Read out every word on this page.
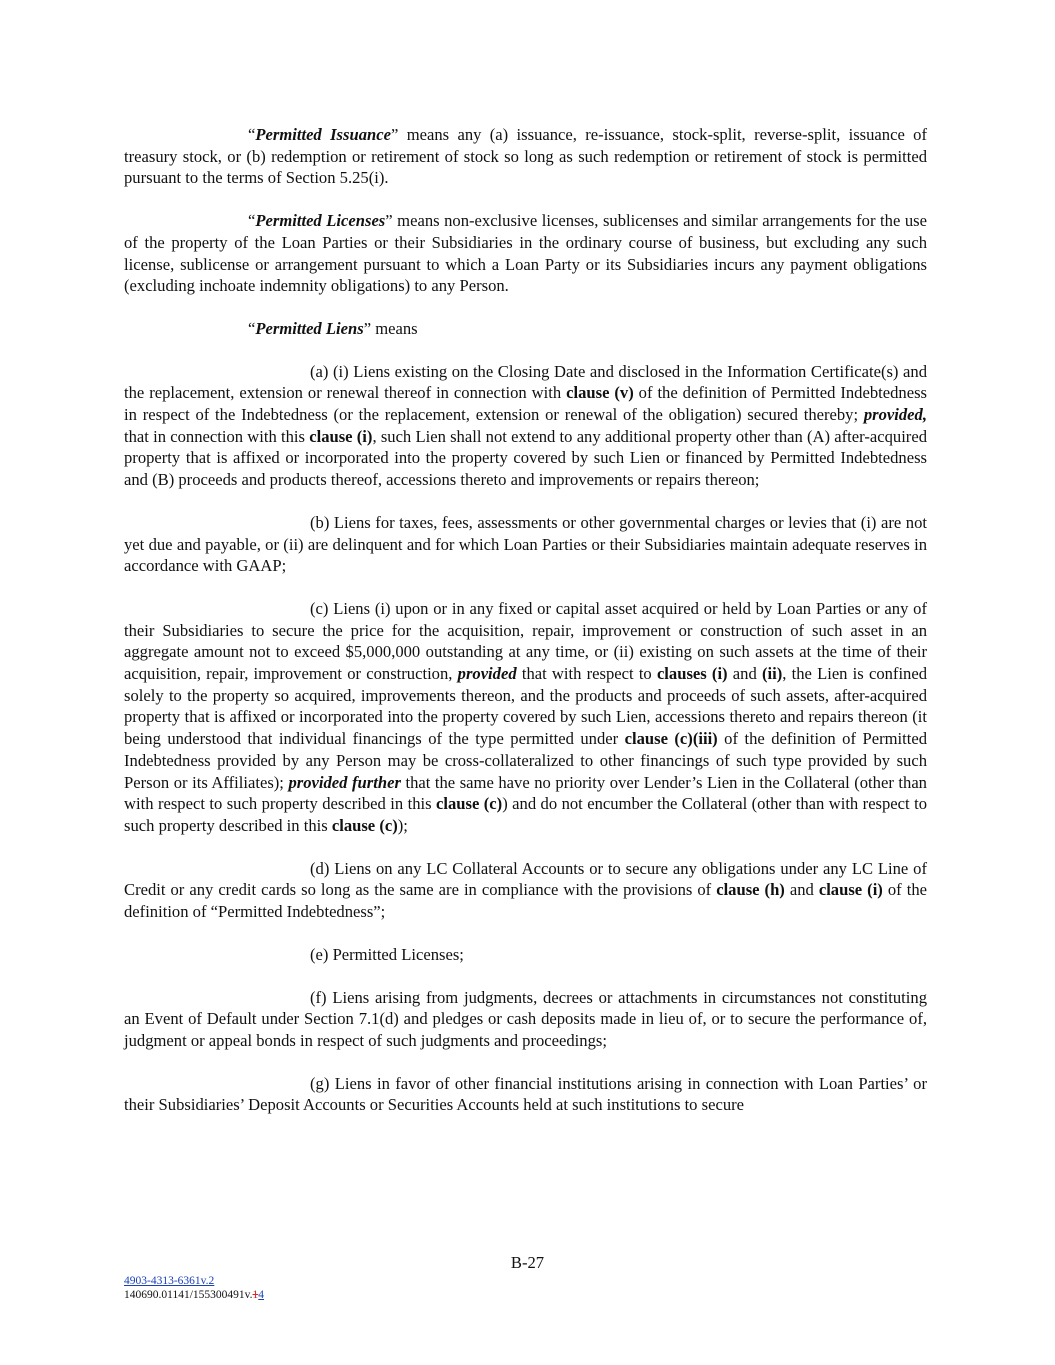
“Permitted Issuance” means any (a) issuance, re-issuance, stock-split, reverse-split, issuance of treasury stock, or (b) redemption or retirement of stock so long as such redemption or retirement of stock is permitted pursuant to the terms of Section 5.25(i).

“Permitted Licenses” means non-exclusive licenses, sublicenses and similar arrangements for the use of the property of the Loan Parties or their Subsidiaries in the ordinary course of business, but excluding any such license, sublicense or arrangement pursuant to which a Loan Party or its Subsidiaries incurs any payment obligations (excluding inchoate indemnity obligations) to any Person.

“Permitted Liens” means

(a) (i) Liens existing on the Closing Date and disclosed in the Information Certificate(s) and the replacement, extension or renewal thereof in connection with clause (v) of the definition of Permitted Indebtedness in respect of the Indebtedness (or the replacement, extension or renewal of the obligation) secured thereby; provided, that in connection with this clause (i), such Lien shall not extend to any additional property other than (A) after-acquired property that is affixed or incorporated into the property covered by such Lien or financed by Permitted Indebtedness and (B) proceeds and products thereof, accessions thereto and improvements or repairs thereon;

(b) Liens for taxes, fees, assessments or other governmental charges or levies that (i) are not yet due and payable, or (ii) are delinquent and for which Loan Parties or their Subsidiaries maintain adequate reserves in accordance with GAAP;

(c) Liens (i) upon or in any fixed or capital asset acquired or held by Loan Parties or any of their Subsidiaries to secure the price for the acquisition, repair, improvement or construction of such asset in an aggregate amount not to exceed $5,000,000 outstanding at any time, or (ii) existing on such assets at the time of their acquisition, repair, improvement or construction, provided that with respect to clauses (i) and (ii), the Lien is confined solely to the property so acquired, improvements thereon, and the products and proceeds of such assets, after-acquired property that is affixed or incorporated into the property covered by such Lien, accessions thereto and repairs thereon (it being understood that individual financings of the type permitted under clause (c)(iii) of the definition of Permitted Indebtedness provided by any Person may be cross-collateralized to other financings of such type provided by such Person or its Affiliates); provided further that the same have no priority over Lender’s Lien in the Collateral (other than with respect to such property described in this clause (c)) and do not encumber the Collateral (other than with respect to such property described in this clause (c));

(d) Liens on any LC Collateral Accounts or to secure any obligations under any LC Line of Credit or any credit cards so long as the same are in compliance with the provisions of clause (h) and clause (i) of the definition of “Permitted Indebtedness”;

(e) Permitted Licenses;

(f) Liens arising from judgments, decrees or attachments in circumstances not constituting an Event of Default under Section 7.1(d) and pledges or cash deposits made in lieu of, or to secure the performance of, judgment or appeal bonds in respect of such judgments and proceedings;

(g) Liens in favor of other financial institutions arising in connection with Loan Parties’ or their Subsidiaries’ Deposit Accounts or Securities Accounts held at such institutions to secure

B-27
4903-4313-6361v.2
140690.01141/155300491v.14
